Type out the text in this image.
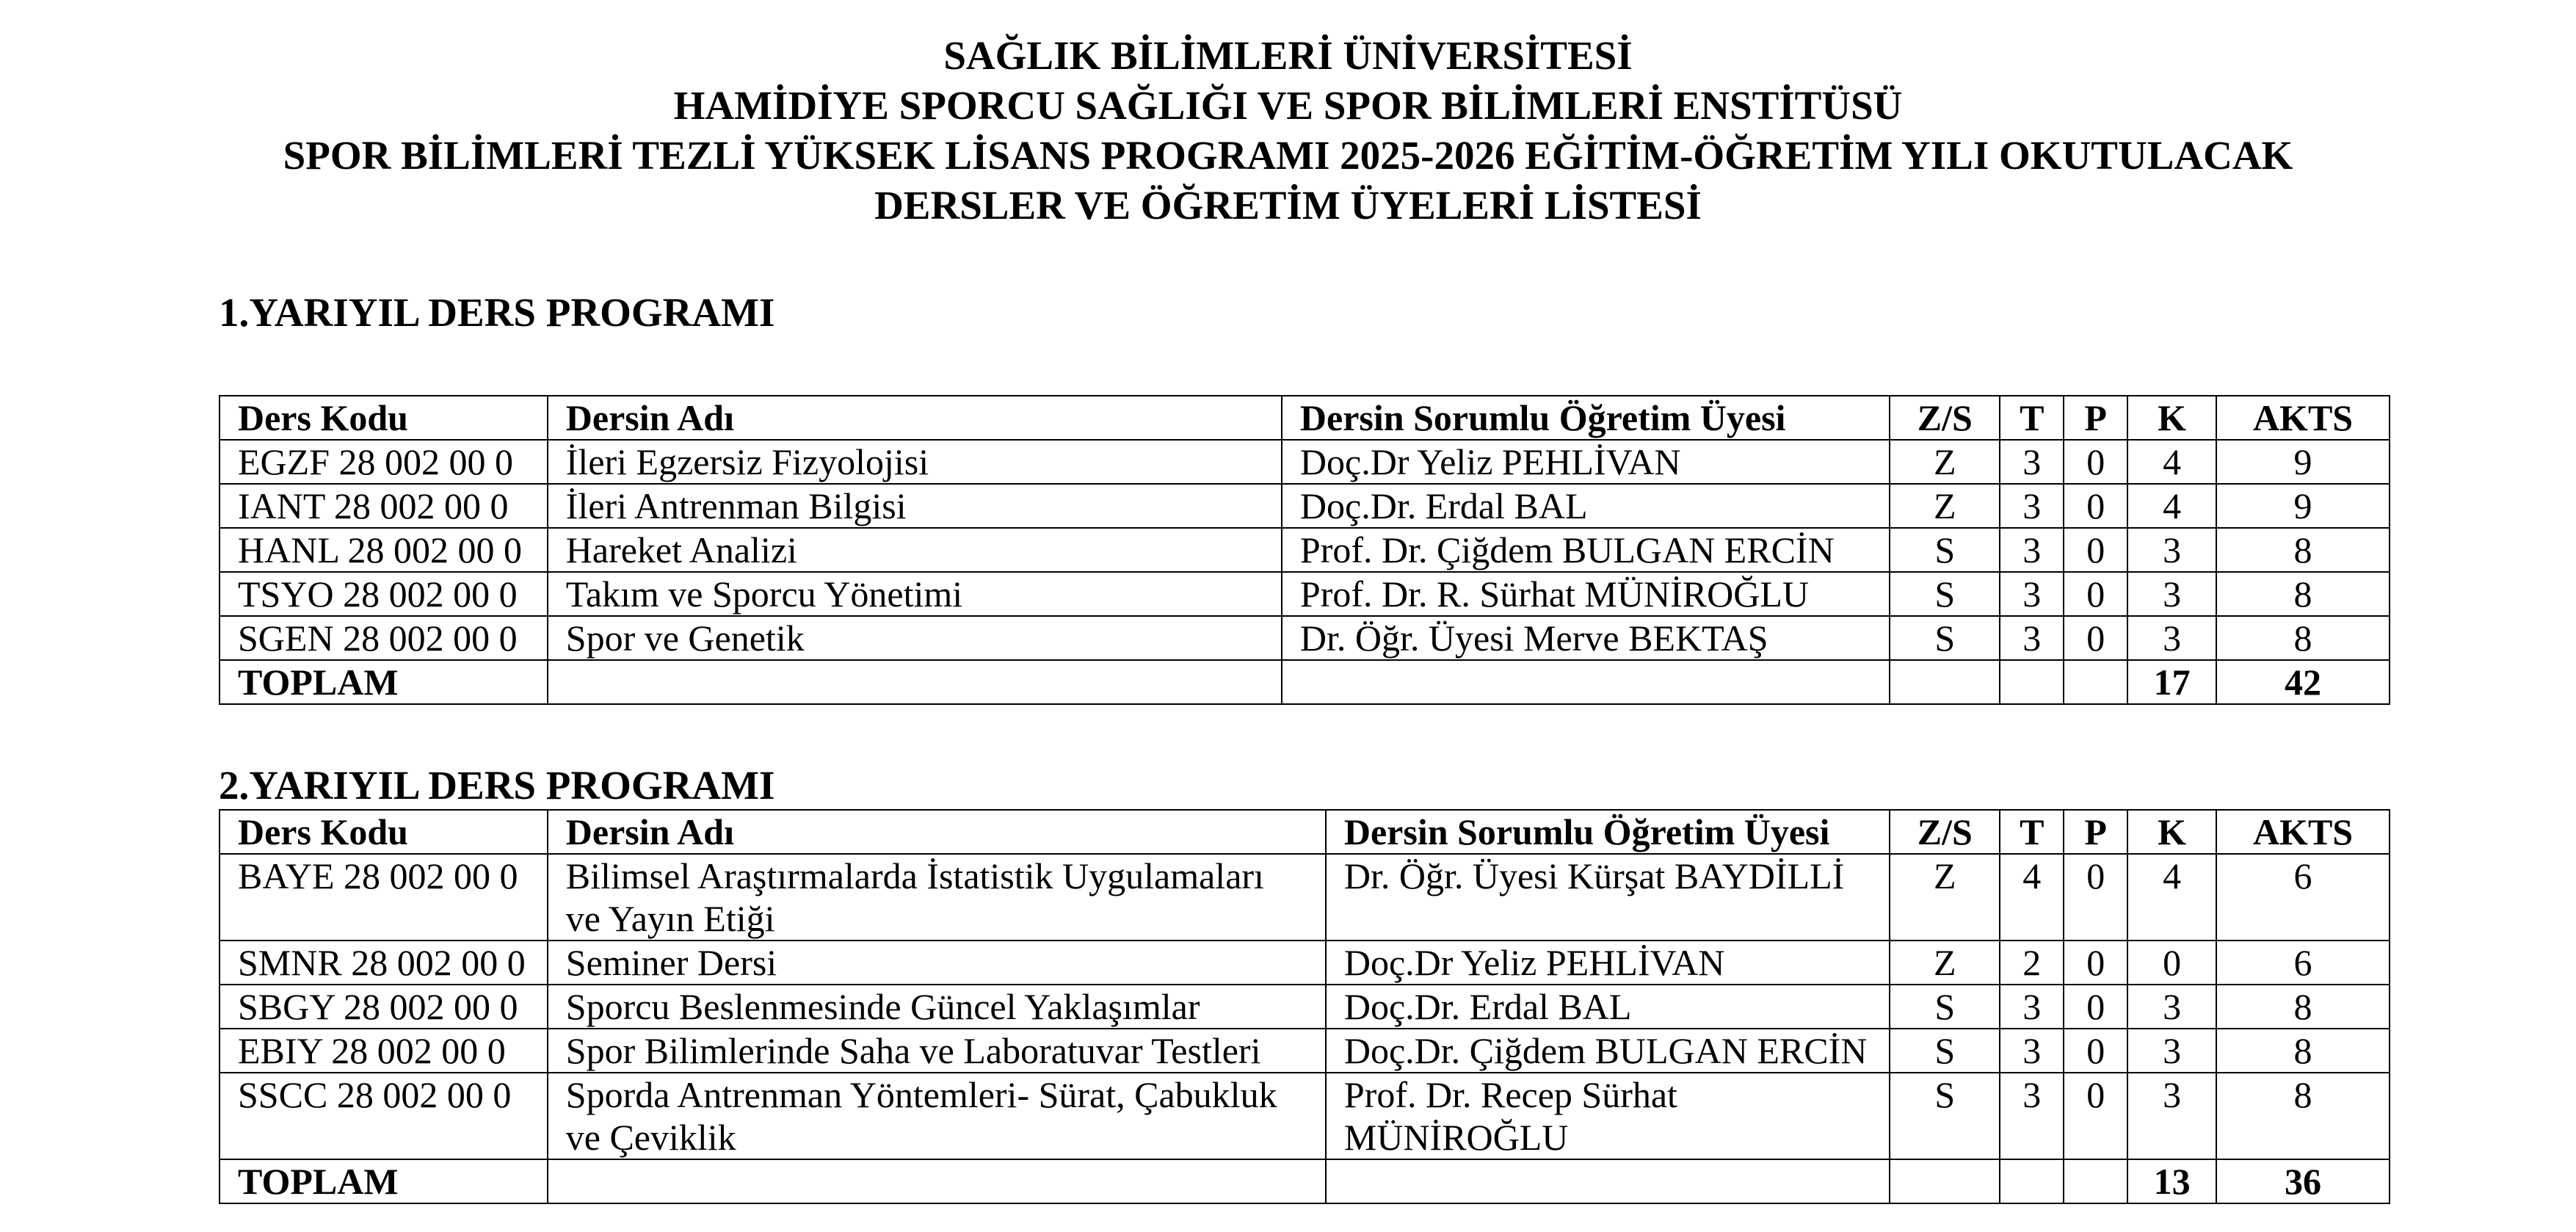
SAĞLIK BİLİMLERİ ÜNİVERSİTESİ
HAMİDİYE SPORCU SAĞLIĞI VE SPOR BİLİMLERİ ENSTİTÜSÜ
SPOR BİLİMLERİ TEZLİ YÜKSEK LİSANS PROGRAMI 2025-2026 EĞİTİM-ÖĞRETİM YILI OKUTULACAK
DERSLER VE ÖĞRETİM ÜYELERİ LİSTESİ
1.YARIYIL DERS PROGRAMI
Ders Kodu	Dersin Adı	Dersin Sorumlu Öğretim Üyesi	Z/S	T	P	K	AKTS
EGZF 28 002 00 0	İleri Egzersiz Fizyolojisi	Doç.Dr Yeliz PEHLİVAN	Z	3	0	4	9
IANT 28 002 00 0	İleri Antrenman Bilgisi	Doç.Dr. Erdal BAL	Z	3	0	4	9
HANL 28 002 00 0	Hareket Analizi	Prof. Dr. Çiğdem BULGAN ERCİN	S	3	0	3	8
TSYO 28 002 00 0	Takım ve Sporcu Yönetimi	Prof. Dr. R. Sürhat MÜNİROĞLU	S	3	0	3	8
SGEN 28 002 00 0	Spor ve Genetik	Dr. Öğr. Üyesi Merve BEKTAŞ	S	3	0	3	8
TOPLAM						17	42
2.YARIYIL DERS PROGRAMI
Ders Kodu	Dersin Adı	Dersin Sorumlu Öğretim Üyesi	Z/S	T	P	K	AKTS
BAYE 28 002 00 0	Bilimsel Araştırmalarda İstatistik Uygulamaları ve Yayın Etiği	Dr. Öğr. Üyesi Kürşat BAYDİLLİ	Z	4	0	4	6
SMNR 28 002 00 0	Seminer Dersi	Doç.Dr Yeliz PEHLİVAN	Z	2	0	0	6
SBGY 28 002 00 0	Sporcu Beslenmesinde Güncel Yaklaşımlar	Doç.Dr. Erdal BAL	S	3	0	3	8
EBIY 28 002 00 0	Spor Bilimlerinde Saha ve Laboratuvar Testleri	Doç.Dr. Çiğdem BULGAN ERCİN	S	3	0	3	8
SSCC 28 002 00 0	Sporda Antrenman Yöntemleri- Sürat, Çabukluk ve Çeviklik	Prof. Dr. Recep Sürhat MÜNİROĞLU	S	3	0	3	8
TOPLAM						13	36
